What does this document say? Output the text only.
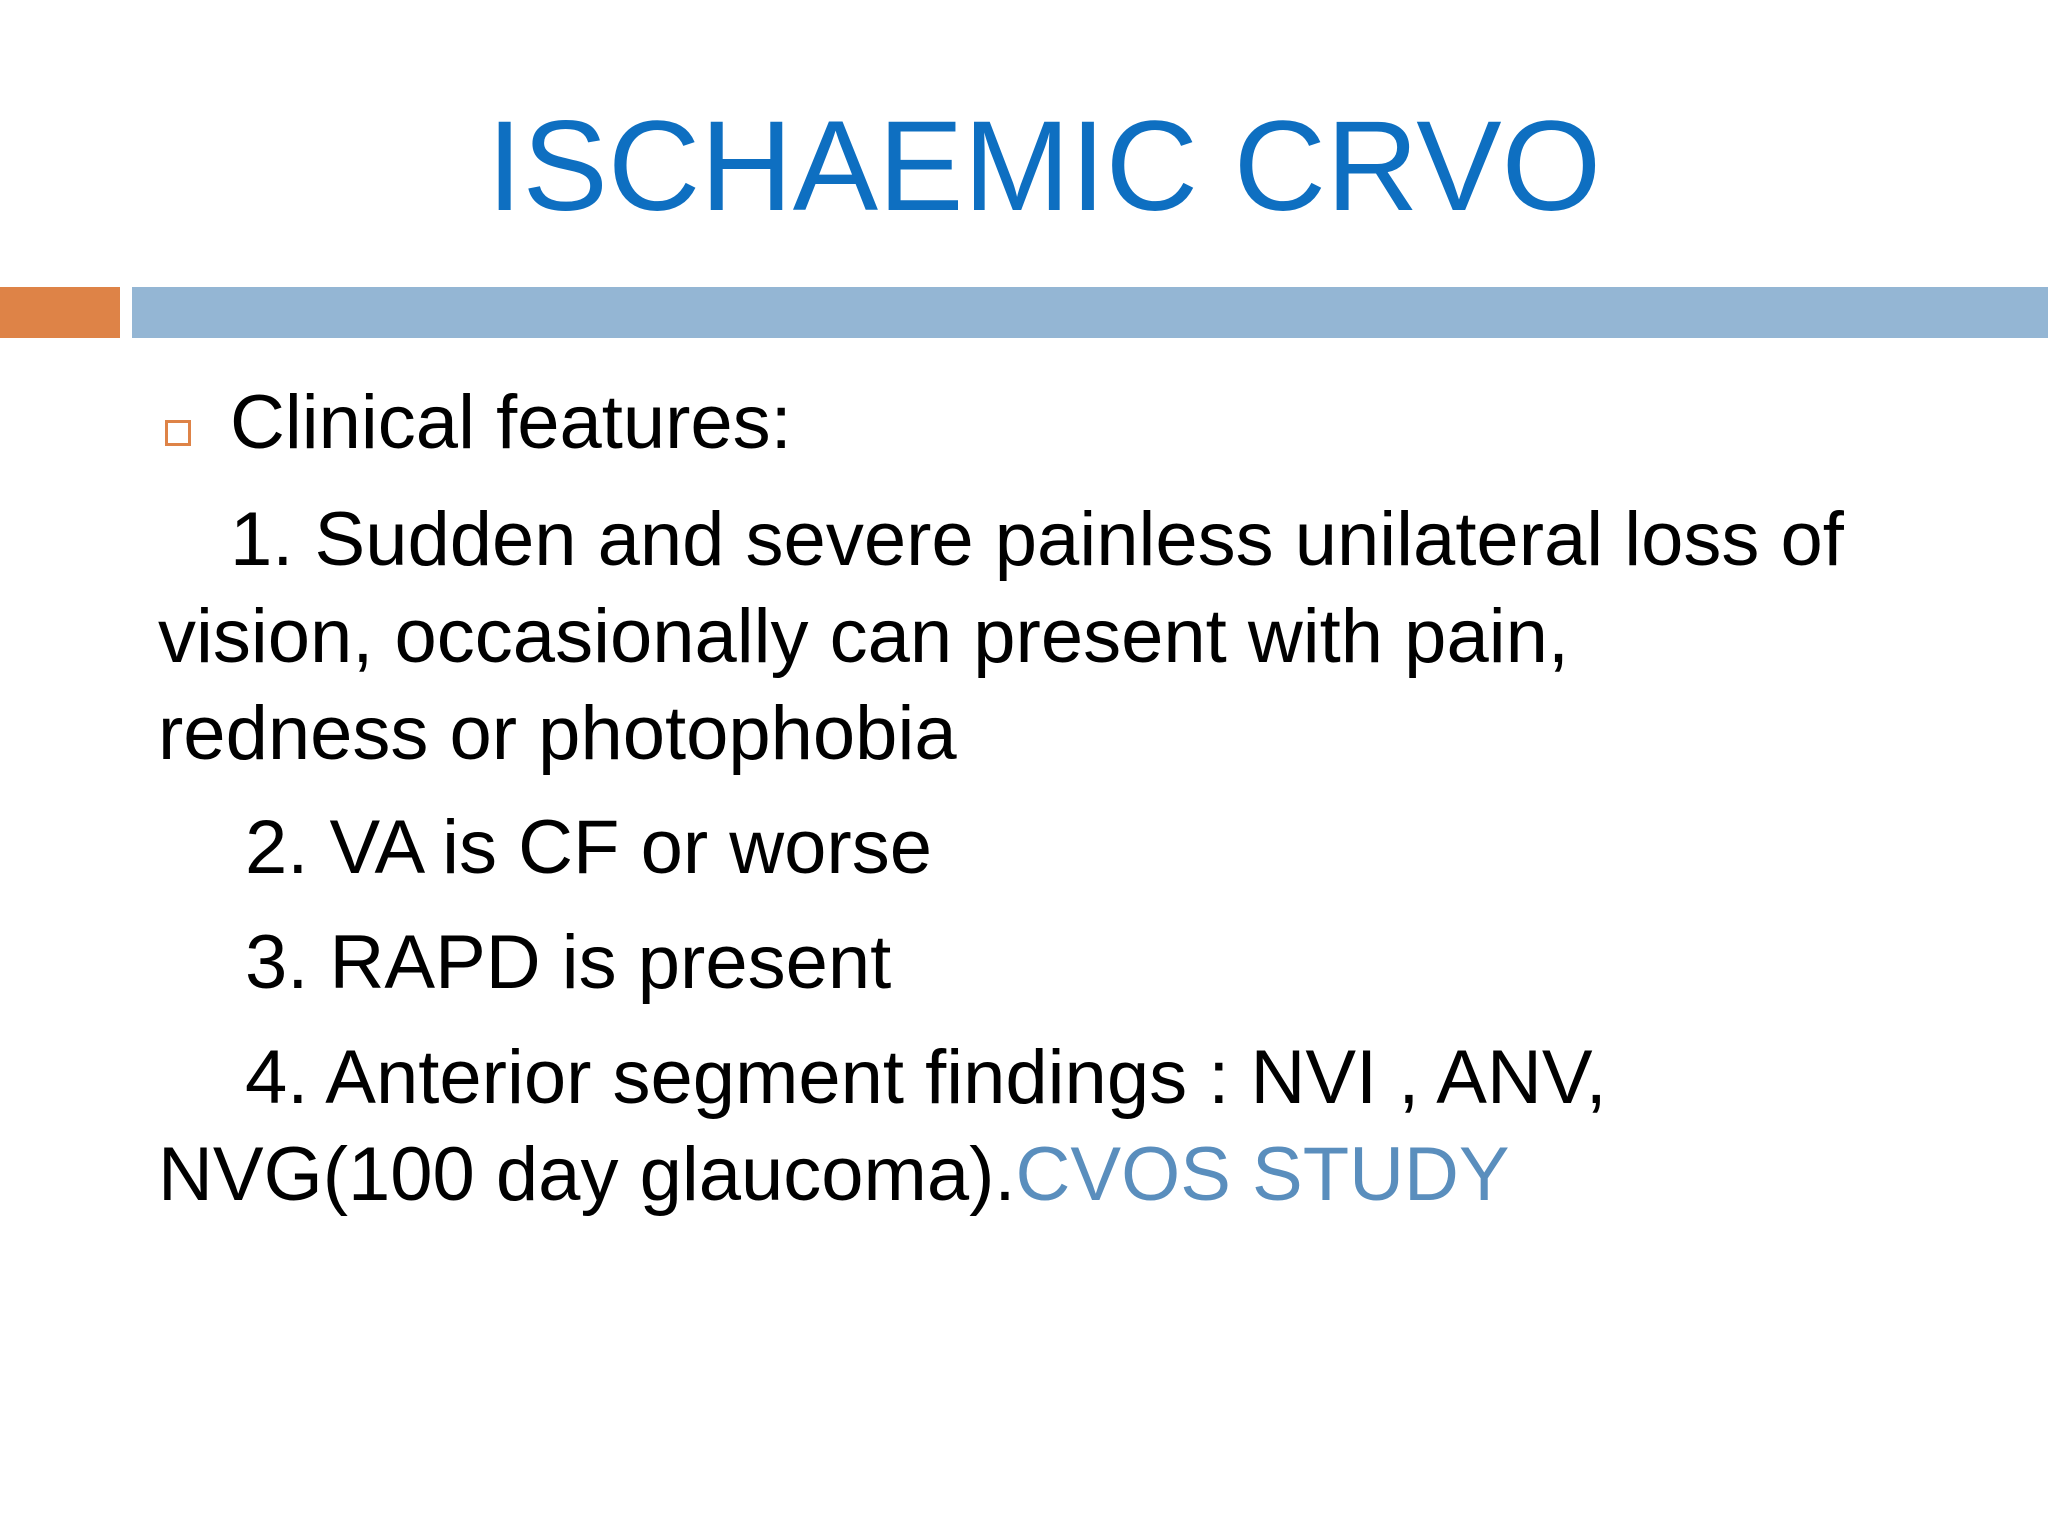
ISCHAEMIC CRVO
Clinical features:
1. Sudden and severe painless unilateral loss of
vision, occasionally can present with pain,
redness or photophobia
2. VA is CF or worse
3. RAPD is present
4. Anterior segment findings : NVI , ANV,
NVG(100 day glaucoma).CVOS STUDY
